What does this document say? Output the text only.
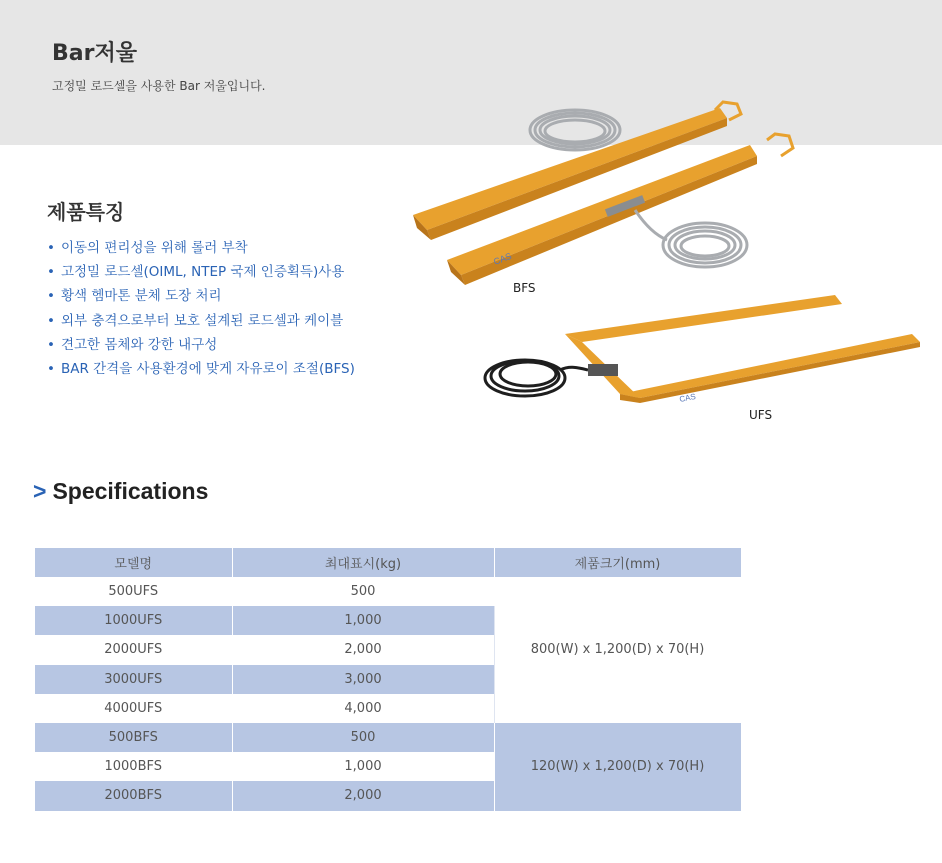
Bar저울

고정밀 로드셀을 사용한 Bar 저울입니다.

제품특징
• 이동의 편리성을 위해 롤러 부착
• 고정밀 로드셀(OIML, NTEP 국제 인증획득)사용
• 황색 헴마톤 분체 도장 처리
• 외부 충격으로부터 보호 설계된 로드셀과 케이블
• 견고한 몸체와 강한 내구성
• BAR 간격을 사용환경에 맞게 자유로이 조절(BFS)
CAS
BFS
CAS
UFS
> Specifications
모델명	최대표시(kg)	제품크기(mm)
500UFS	500	800(W) x 1,200(D) x 70(H)
1000UFS	1,000	
2000UFS	2,000	
3000UFS	3,000	
4000UFS	4,000	
500BFS	500	120(W) x 1,200(D) x 70(H)
1000BFS	1,000	
2000BFS	2,000	
